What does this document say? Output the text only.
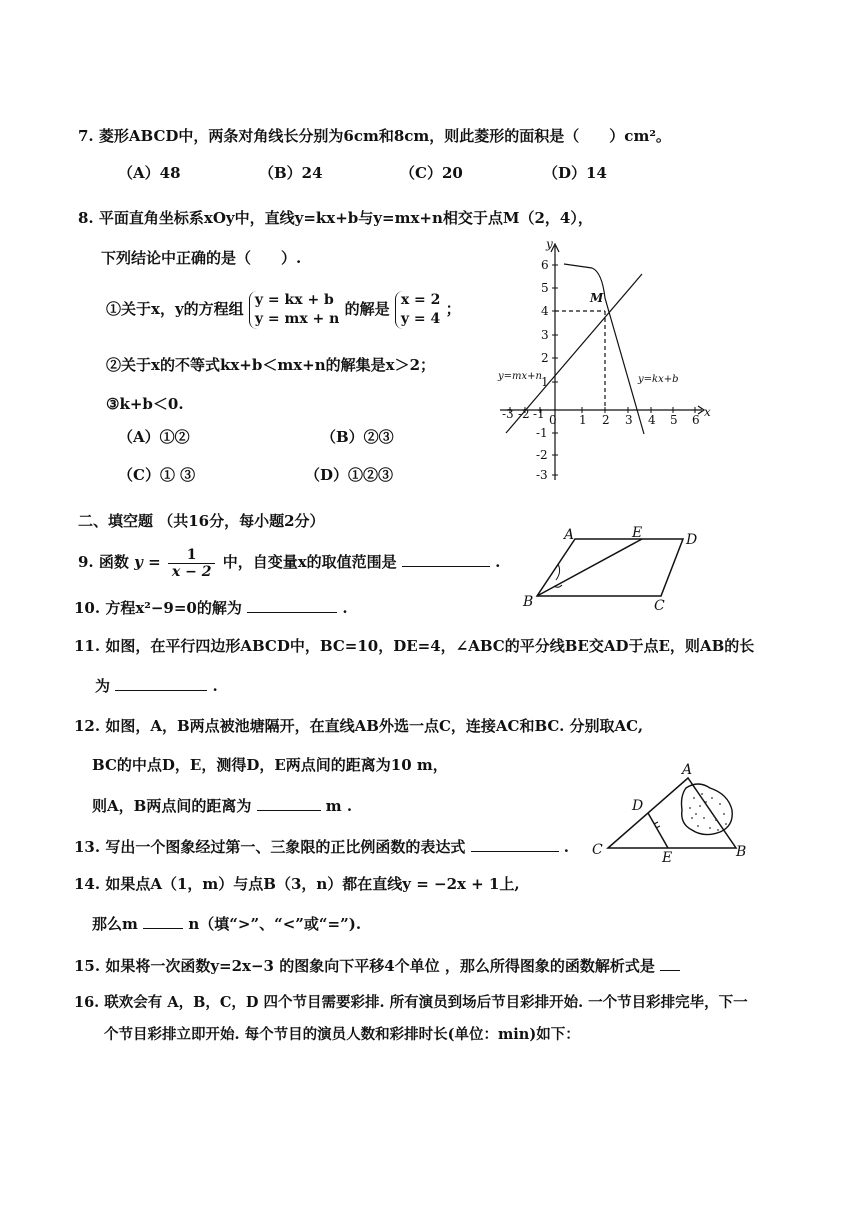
7. 菱形ABCD中，两条对角线长分别为6cm和8cm，则此菱形的面积是（　　）cm²。
（A）48	（B）24	（C）20	（D）14
8. 平面直角坐标系xOy中，直线y=kx+b与y=mx+n相交于点M（2，4），
下列结论中正确的是（　　）.
①关于x，y的方程组 y = kx + b
y = mx + n
的解是 x = 2
y = 4
；
②关于x的不等式kx+b＜mx+n的解集是x＞2；
③k+b＜0.
（A）①②	（B）②③
（C）① ③	（D）①②③
y
x
M
y=mx+n	y=kx+b
0
-3 -2 -1	1 2 3 4 5 6
6
5
4
3
2
1
-1
-2
-3
二、填空题 （共16分，每小题2分）
A	E	D
B	C
9. 函数 $y = \frac{1}{x - 2}$ 中，自变量x的取值范围是	.
10. 方程x²−9=0的解为	.
11. 如图，在平行四边形ABCD中，BC=10，DE=4，∠ABC的平分线BE交AD于点E，则AB的长
为	.
12. 如图，A，B两点被池塘隔开，在直线AB外选一点C，连接AC和BC. 分别取AC,
BC的中点D，E，测得D，E两点间的距离为10 m，
则A，B两点间的距离为	m .
A
D
C	E	B
13. 写出一个图象经过第一、三象限的正比例函数的表达式	.
14. 如果点A（1，m）与点B（3，n）都在直线y = −2x + 1上,
那么m	n（填“>”、“<”或“=”).
15. 如果将一次函数y=2x−3 的图象向下平移4个单位 ，那么所得图象的函数解析式是
16. 联欢会有 A，B，C，D 四个节目需要彩排. 所有演员到场后节目彩排开始. 一个节目彩排完毕，下一
个节目彩排立即开始. 每个节目的演员人数和彩排时长(单位：min)如下：
